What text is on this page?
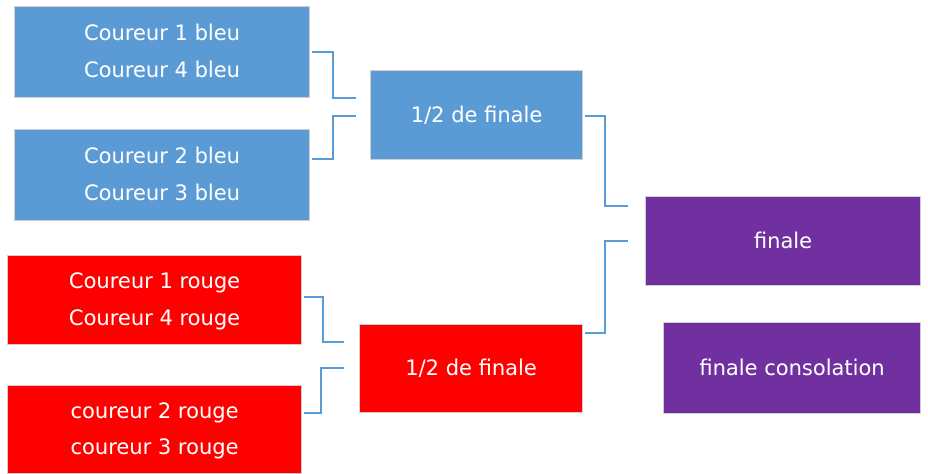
Coureur 1 bleu
Coureur 4 bleu
Coureur 2 bleu
Coureur 3 bleu
1/2 de finale
Coureur 1 rouge
Coureur 4 rouge
coureur 2 rouge
coureur 3 rouge
1/2 de finale
finale
finale consolation
